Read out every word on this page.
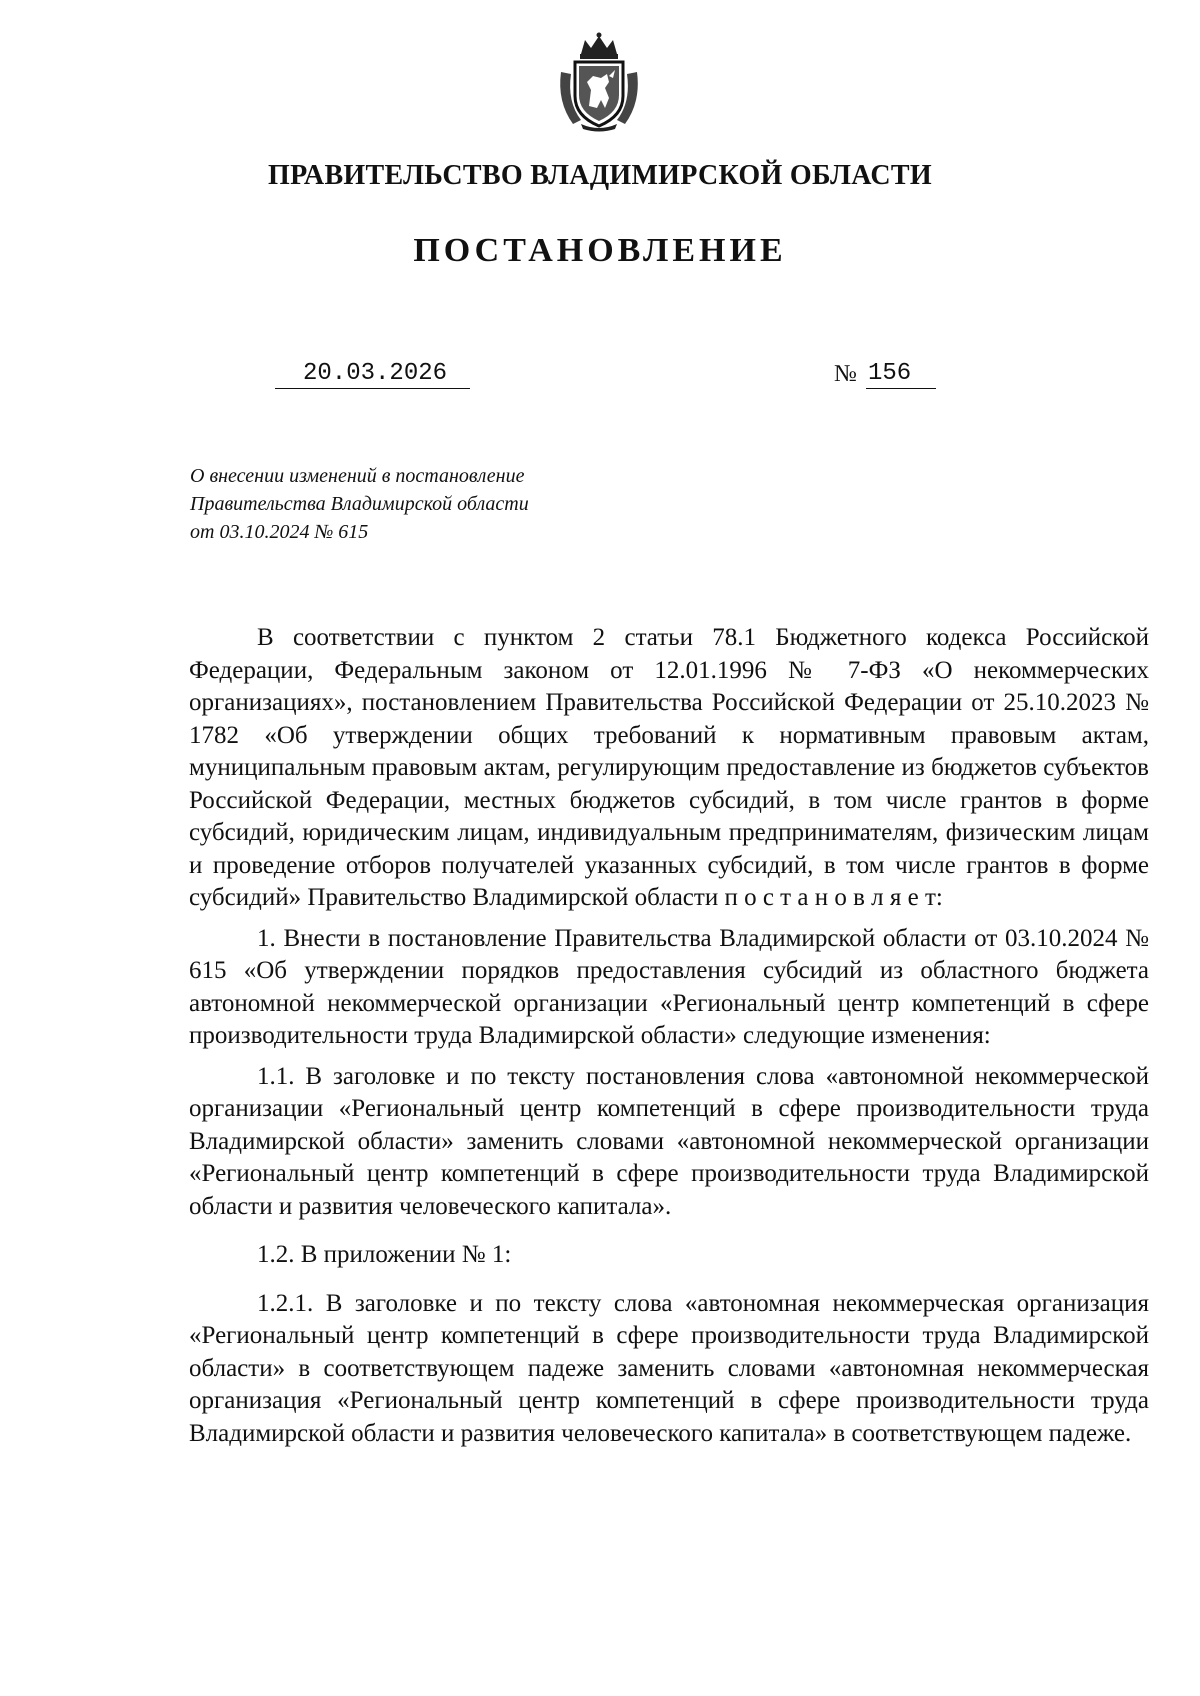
ПРАВИТЕЛЬСТВО ВЛАДИМИРСКОЙ ОБЛАСТИ
ПОСТАНОВЛЕНИЕ
20.03.2026	№ 156
О внесении изменений в постановление
Правительства Владимирской области
от 03.10.2024 № 615

В соответствии с пунктом 2 статьи 78.1 Бюджетного кодекса Российской Федерации, Федеральным законом от 12.01.1996 № 7-ФЗ «О некоммерческих организациях», постановлением Правительства Российской Федерации от 25.10.2023 № 1782 «Об утверждении общих требований к нормативным правовым актам, муниципальным правовым актам, регулирующим предоставление из бюджетов субъектов Российской Федерации, местных бюджетов субсидий, в том числе грантов в форме субсидий, юридическим лицам, индивидуальным предпринимателям, физическим лицам и проведение отборов получателей указанных субсидий, в том числе грантов в форме субсидий» Правительство Владимирской области п о с т а н о в л я е т:

1. Внести в постановление Правительства Владимирской области от 03.10.2024 № 615 «Об утверждении порядков предоставления субсидий из областного бюджета автономной некоммерческой организации «Региональный центр компетенций в сфере производительности труда Владимирской области» следующие изменения:

1.1. В заголовке и по тексту постановления слова «автономной некоммерческой организации «Региональный центр компетенций в сфере производительности труда Владимирской области» заменить словами «автономной некоммерческой организации «Региональный центр компетенций в сфере производительности труда Владимирской области и развития человеческого капитала».

1.2. В приложении № 1:

1.2.1. В заголовке и по тексту слова «автономная некоммерческая организация «Региональный центр компетенций в сфере производительности труда Владимирской области» в соответствующем падеже заменить словами «автономная некоммерческая организация «Региональный центр компетенций в сфере производительности труда Владимирской области и развития человеческого капитала» в соответствующем падеже.
